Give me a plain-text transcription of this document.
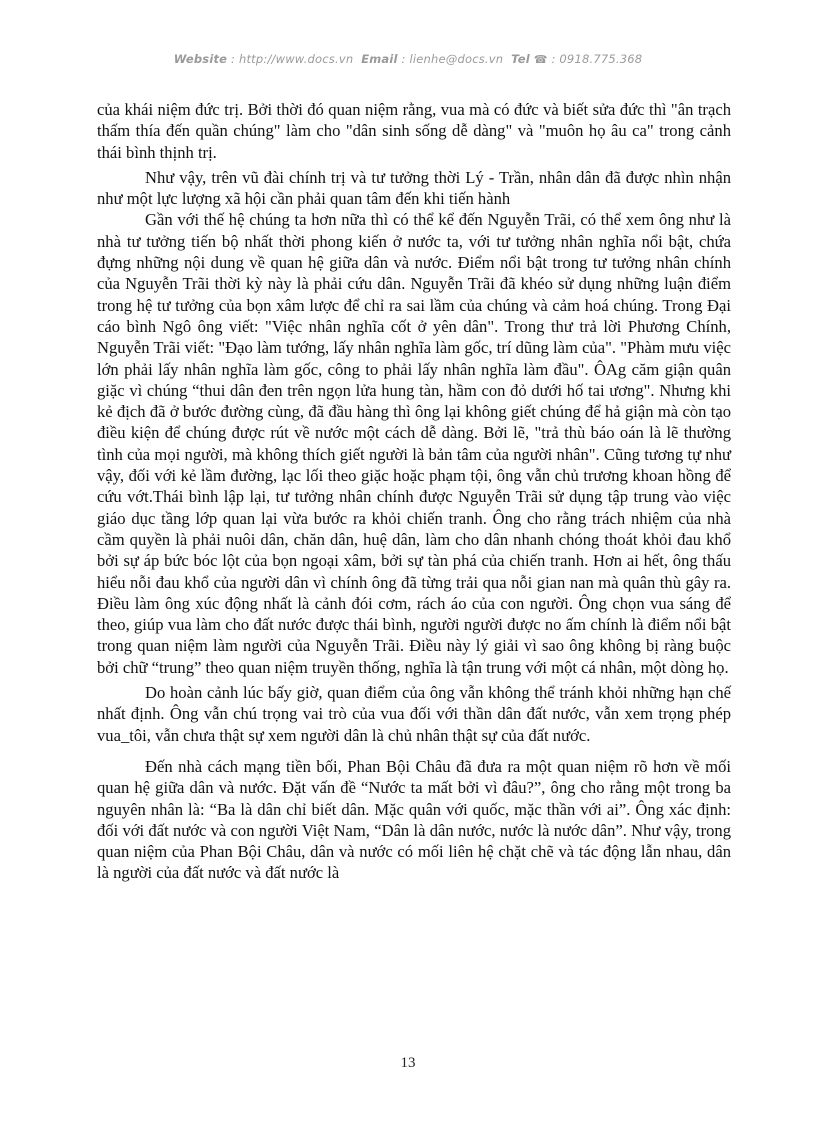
Website : http://www.docs.vn Email : lienhe@docs.vn Tel ☎ : 0918.775.368

của khái niệm đức trị. Bởi thời đó quan niệm rằng, vua mà có đức và biết sửa đức thì "ân trạch thấm thía đến quần chúng" làm cho "dân sinh sống dễ dàng" và "muôn họ âu ca" trong cảnh thái bình thịnh trị.

Như vậy, trên vũ đài chính trị và tư tưởng thời Lý - Trần, nhân dân đã được nhìn nhận như một lực lượng xã hội cần phải quan tâm đến khi tiến hành

Gần với thế hệ chúng ta hơn nữa thì có thể kể đến Nguyễn Trãi, có thể xem ông như là nhà tư tưởng tiến bộ nhất thời phong kiến ở nước ta, với tư tưởng nhân nghĩa nổi bật, chứa đựng những nội dung về quan hệ giữa dân và nước. Điểm nổi bật trong tư tưởng nhân chính của Nguyễn Trãi thời kỳ này là phải cứu dân. Nguyễn Trãi đã khéo sử dụng những luận điểm trong hệ tư tưởng của bọn xâm lược để chỉ ra sai lầm của chúng và cảm hoá chúng. Trong Đại cáo bình Ngô ông viết: "Việc nhân nghĩa cốt ở yên dân". Trong thư trả lời Phương Chính, Nguyễn Trãi viết: "Đạo làm tướng, lấy nhân nghĩa làm gốc, trí dũng làm của". "Phàm mưu việc lớn phải lấy nhân nghĩa làm gốc, công to phải lấy nhân nghĩa làm đầu". ÔAg căm giận quân giặc vì chúng “thui dân đen trên ngọn lửa hung tàn, hầm con đỏ dưới hố tai ương". Nhưng khi kẻ địch đã ở bước đường cùng, đã đầu hàng thì ông lại không giết chúng để hả giận mà còn tạo điều kiện để chúng được rút về nước một cách dễ dàng. Bởi lẽ, "trả thù báo oán là lẽ thường tình của mọi người, mà không thích giết người là bản tâm của người nhân". Cũng tương tự như vậy, đối với kẻ lầm đường, lạc lối theo giặc hoặc phạm tội, ông vẫn chủ trương khoan hồng để cứu vớt.Thái bình lập lại, tư tưởng nhân chính được Nguyễn Trãi sử dụng tập trung vào việc giáo dục tầng lớp quan lại vừa bước ra khỏi chiến tranh. Ông cho rằng trách nhiệm của nhà cầm quyền là phải nuôi dân, chăn dân, huệ dân, làm cho dân nhanh chóng thoát khỏi đau khổ bởi sự áp bức bóc lột của bọn ngoại xâm, bởi sự tàn phá của chiến tranh. Hơn ai hết, ông thấu hiểu nỗi đau khổ của người dân vì chính ông đã từng trải qua nỗi gian nan mà quân thù gây ra. Điều làm ông xúc động nhất là cảnh đói cơm, rách áo của con người. Ông chọn vua sáng để theo, giúp vua làm cho đất nước được thái bình, người người được no ấm chính là điểm nổi bật trong quan niệm làm người của Nguyễn Trãi. Điều này lý giải vì sao ông không bị ràng buộc bởi chữ “trung” theo quan niệm truyền thống, nghĩa là tận trung với một cá nhân, một dòng họ.

Do hoàn cảnh lúc bấy giờ, quan điểm của ông vẫn không thể tránh khỏi những hạn chế nhất định. Ông vẫn chú trọng vai trò của vua đối với thần dân đất nước, vẫn xem trọng phép vua_tôi, vẫn chưa thật sự xem người dân là chủ nhân thật sự của đất nước.

Đến nhà cách mạng tiền bối, Phan Bội Châu đã đưa ra một quan niệm rõ hơn về mối quan hệ giữa dân và nước. Đặt vấn đề “Nước ta mất bởi vì đâu?”, ông cho rằng một trong ba nguyên nhân là: “Ba là dân chỉ biết dân. Mặc quân với quốc, mặc thần với ai”. Ông xác định: đối với đất nước và con người Việt Nam, “Dân là dân nước, nước là nước dân”. Như vậy, trong quan niệm của Phan Bội Châu, dân và nước có mối liên hệ chặt chẽ và tác động lẫn nhau, dân là người của đất nước và đất nước là

13
